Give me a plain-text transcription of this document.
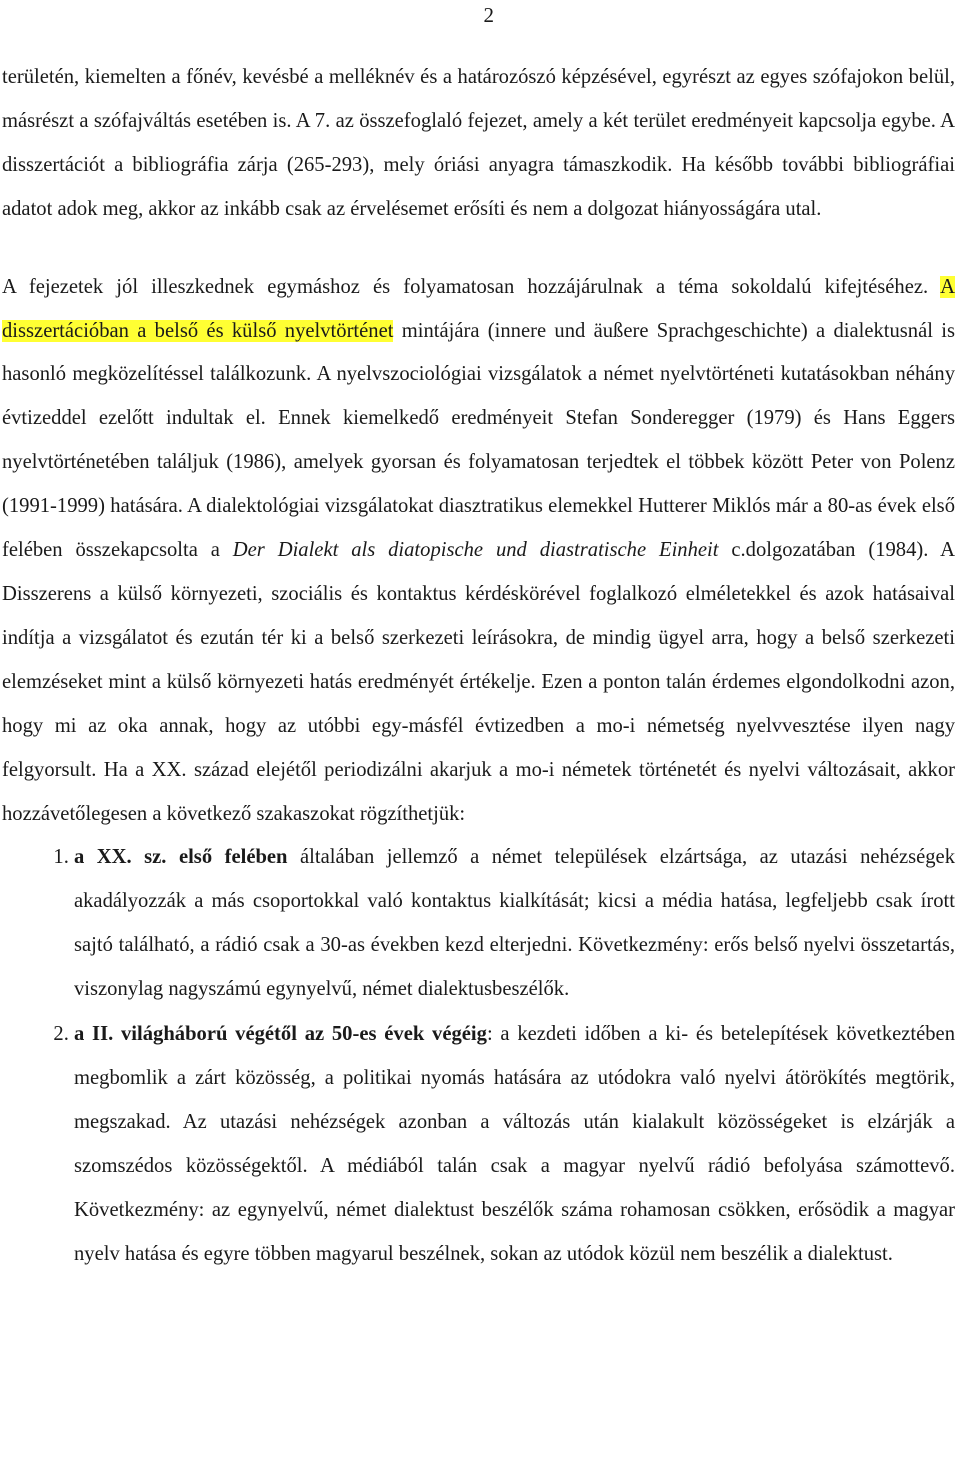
2

területén, kiemelten a főnév, kevésbé a melléknév és a határozószó képzésével, egyrészt az egyes szófajokon belül, másrészt a szófajváltás esetében is. A 7. az összefoglaló fejezet, amely a két terület eredményeit kapcsolja egybe. A disszertációt a bibliográfia zárja (265-293), mely óriási anyagra támaszkodik. Ha később további bibliográfiai adatot adok meg, akkor az inkább csak az érvelésemet erősíti és nem a dolgozat hiányosságára utal.

A fejezetek jól illeszkednek egymáshoz és folyamatosan hozzájárulnak a téma sokoldalú kifejtéséhez. A disszertációban a belső és külső nyelvtörténet mintájára (innere und äußere Sprachgeschichte) a dialektusnál is hasonló megközelítéssel találkozunk. A nyelvszociológiai vizsgálatok a német nyelvtörténeti kutatásokban néhány évtizeddel ezelőtt indultak el. Ennek kiemelkedő eredményeit Stefan Sonderegger (1979) és Hans Eggers nyelvtörténetében találjuk (1986), amelyek gyorsan és folyamatosan terjedtek el többek között Peter von Polenz (1991-1999) hatására. A dialektológiai vizsgálatokat diasztratikus elemekkel Hutterer Miklós már a 80-as évek első felében összekapcsolta a Der Dialekt als diatopische und diastratische Einheit c.dolgozatában (1984). A Disszerens a külső környezeti, szociális és kontaktus kérdéskörével foglalkozó elméletekkel és azok hatásaival indítja a vizsgálatot és ezután tér ki a belső szerkezeti leírásokra, de mindig ügyel arra, hogy a belső szerkezeti elemzéseket mint a külső környezeti hatás eredményét értékelje. Ezen a ponton talán érdemes elgondolkodni azon, hogy mi az oka annak, hogy az utóbbi egy-másfél évtizedben a mo-i németség nyelvvesztése ilyen nagy felgyorsult. Ha a XX. század elejétől periodizálni akarjuk a mo-i németek történetét és nyelvi változásait, akkor hozzávetőlegesen a következő szakaszokat rögzíthetjük:

1. a XX. sz. első felében általában jellemző a német települések elzártsága, az utazási nehézségek akadályozzák a más csoportokkal való kontaktus kialkítását; kicsi a média hatása, legfeljebb csak írott sajtó található, a rádió csak a 30-as években kezd elterjedni. Következmény: erős belső nyelvi összetartás, viszonylag nagyszámú egynyelvű, német dialektusbeszélők.
2. a II. világháború végétől az 50-es évek végéig: a kezdeti időben a ki- és betelepítések következtében megbomlik a zárt közösség, a politikai nyomás hatására az utódokra való nyelvi átörökítés megtörik, megszakad. Az utazási nehézségek azonban a változás után kialakult közösségeket is elzárják a szomszédos közösségektől. A médiából talán csak a magyar nyelvű rádió befolyása számottevő. Következmény: az egynyelvű, német dialektust beszélők száma rohamosan csökken, erősödik a magyar nyelv hatása és egyre többen magyarul beszélnek, sokan az utódok közül nem beszélik a dialektust.
